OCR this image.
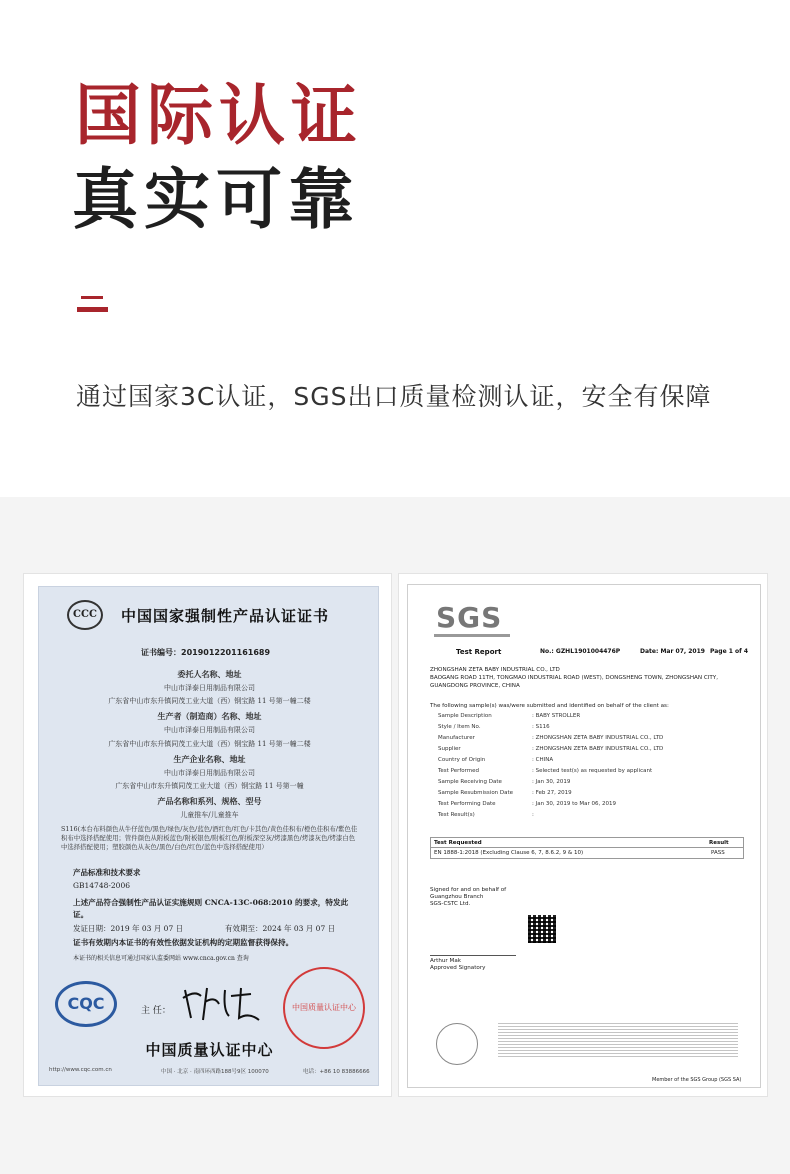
国际认证
真实可靠
通过国家3C认证，SGS出口质量检测认证，安全有保障
CCC	中国国家强制性产品认证证书
证书编号：2019012201161689
委托人名称、地址
中山市泽泰日用制品有限公司
广东省中山市东升镇同茂工业大道（西）钢宝路 11 号第一幢二楼
生产者（制造商）名称、地址
中山市泽泰日用制品有限公司
广东省中山市东升镇同茂工业大道（西）钢宝路 11 号第一幢二楼
生产企业名称、地址
中山市泽泰日用制品有限公司
广东省中山市东升镇同茂工业大道（西）钢宝路 11 号第一幢
产品名称和系列、规格、型号
儿童推车/儿童推车
S116(本台布料颜色从牛仔蓝色/黑色/绿色/灰色/蓝色/酒红色/红色/卡其色/黄色佳积布/橙色佳积布/紫色佳积布中选择搭配使用；管件颜色从附板蓝色/附板银色/附板红色/附板深空灰/烤漆黑色/烤漆灰色/烤漆白色中选择搭配使用；塑胶颜色从灰色/黑色/白色/红色/蓝色中选择搭配使用）
产品标准和技术要求
GB14748-2006
上述产品符合强制性产品认证实施规则 CNCA-13C-068:2010 的要求，特发此证。
发证日期：2019 年 03 月 07 日	有效期至：2024 年 03 月 07 日
证书有效期内本证书的有效性依据发证机构的定期监督获得保持。
本证书的相关信息可通过国家认监委网站 www.cnca.gov.cn 查询
CQC	主 任：	中国质量认证中心
中国质量认证中心
http://www.cqc.com.cn	中国 · 北京 · 南四环西路188号9区 100070	电话：+86 10 83886666
SGS
Test Report	No.: GZHL1901004476P	Date: Mar 07, 2019 Page 1 of 4
ZHONGSHAN ZETA BABY INDUSTRIAL CO., LTD
BAOGANG ROAD 11TH, TONGMAO INDUSTRIAL ROAD (WEST), DONGSHENG TOWN, ZHONGSHAN CITY,
GUANGDONG PROVINCE, CHINA
The following sample(s) was/were submitted and identified on behalf of the client as:
Sample Description	: BABY STROLLER
Style / Item No.	: S116
Manufacturer	: ZHONGSHAN ZETA BABY INDUSTRIAL CO., LTD
Supplier	: ZHONGSHAN ZETA BABY INDUSTRIAL CO., LTD
Country of Origin	: CHINA
Test Performed	: Selected test(s) as requested by applicant
Sample Receiving Date	: Jan 30, 2019
Sample Resubmission Date	: Feb 27, 2019
Test Performing Date	: Jan 30, 2019 to Mar 06, 2019
Test Result(s)	:
Test Requested	Result
EN 1888-1:2018 (Excluding Clause 6, 7, 8.6.2, 9 & 10)	PASS
Signed for and on behalf of
Guangzhou Branch
SGS-CSTC Ltd.
Arthur Mak
Approved Signatory
Member of the SGS Group (SGS SA)
